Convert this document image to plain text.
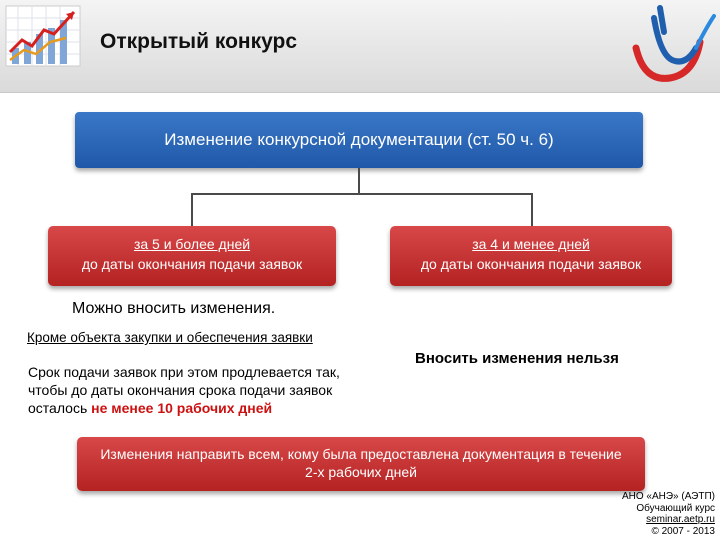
Открытый конкурс
Изменение конкурсной документации (ст. 50 ч. 6)
за 5 и более дней
до даты окончания подачи заявок
за 4 и менее дней
до даты окончания подачи заявок
Можно вносить изменения.
Кроме объекта закупки и обеспечения заявки
Срок подачи заявок при этом продлевается так, чтобы до даты окончания срока подачи заявок осталось не менее 10 рабочих дней
Вносить изменения нельзя
Изменения направить всем, кому была предоставлена документация в течение 2-х рабочих дней
АНО «АНЭ» (АЭТП)
Обучающий курс
seminar.aetp.ru
© 2007 - 2013
